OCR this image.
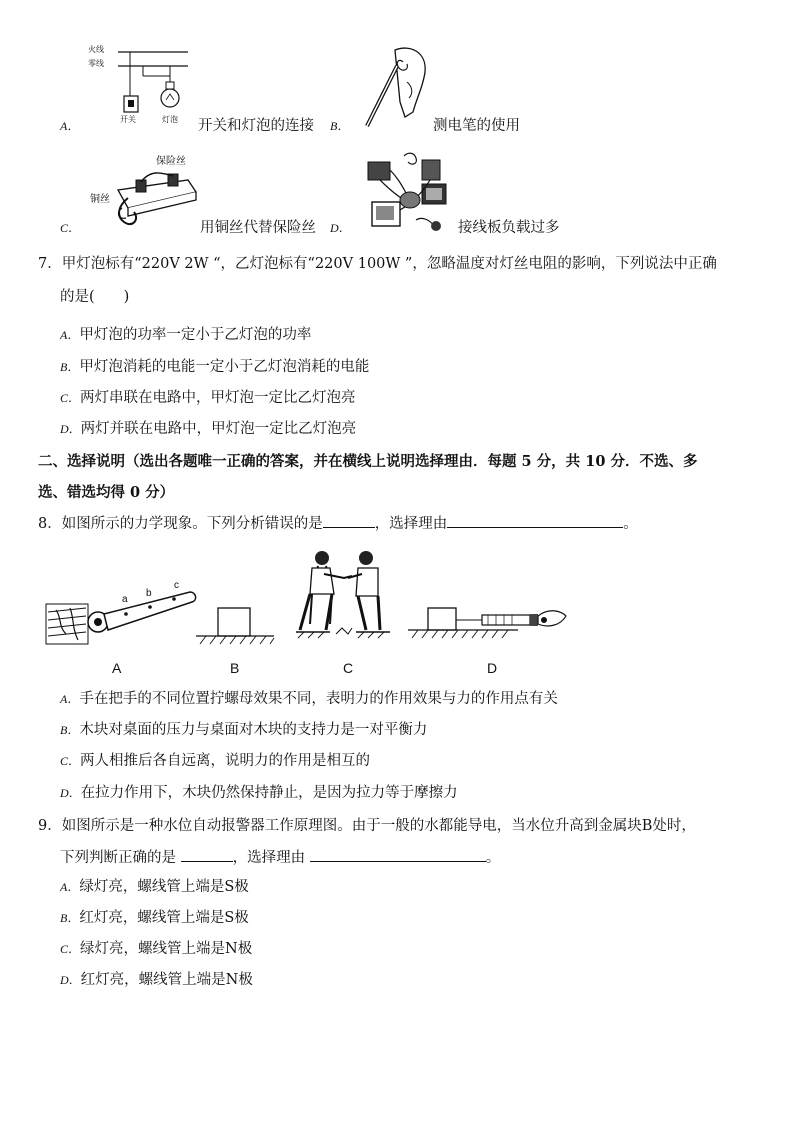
火线
零线
开关	灯泡
A．	开关和灯泡的连接	测电笔的使用
B．
保险丝
铜丝
C．	用铜丝代替保险丝 D．	接线板负载过多
7．甲灯泡标有“220V 2W “，乙灯泡标有“220V 100W ”，忽略温度对灯丝电阻的影响，下列说法中正确
的是(　　)
A．甲灯泡的功率一定小于乙灯泡的功率
B．甲灯泡消耗的电能一定小于乙灯泡消耗的电能
C．两灯串联在电路中，甲灯泡一定比乙灯泡亮
D．两灯并联在电路中，甲灯泡一定比乙灯泡亮
二、选择说明（选出各题唯一正确的答案，并在横线上说明选择理由．每题 5 分，共 10 分．不选、多
选、错选均得 0 分）
8．如图所示的力学现象。下列分析错误的是	，选择理由	。
a
b
c
A	B	C	D
A．手在把手的不同位置拧螺母效果不同，表明力的作用效果与力的作用点有关
B．木块对桌面的压力与桌面对木块的支持力是一对平衡力
C．两人相推后各自远离，说明力的作用是相互的
D．在拉力作用下，木块仍然保持静止，是因为拉力等于摩擦力
9．如图所示是一种水位自动报警器工作原理图。由于一般的水都能导电，当水位升高到金属块B处时，
下列判断正确的是	，选择理由	。
A．绿灯亮，螺线管上端是S极
B．红灯亮，螺线管上端是S极
C．绿灯亮，螺线管上端是N极
D．红灯亮，螺线管上端是N极
